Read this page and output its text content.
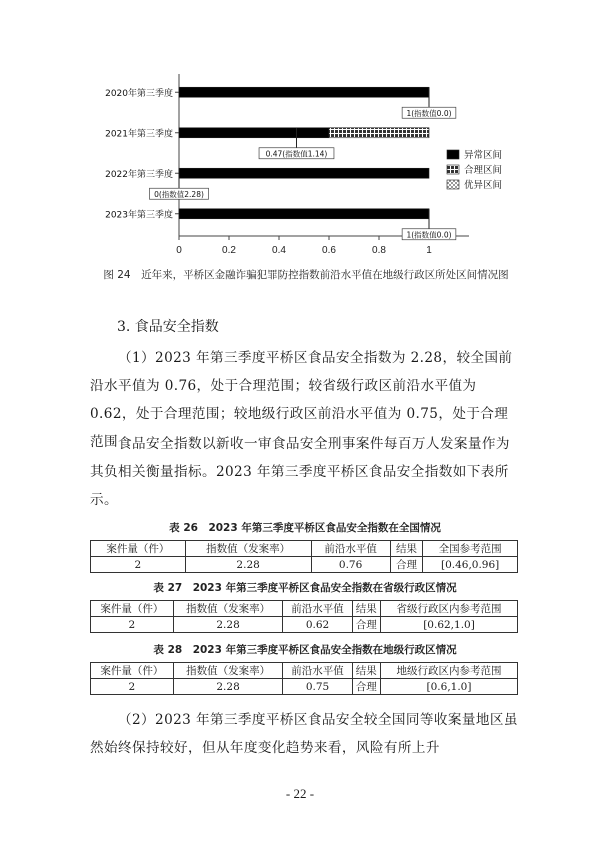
0	0.2	0.4	0.6	0.8	1
2020年第三季度
1(指数值0.0)
2021年第三季度
0.47(指数值1.14)
2022年第三季度
0(指数值2.28)
2023年第三季度
1(指数值0.0)
异常区间
合理区间
优异区间
图 24　近年来，平桥区金融诈骗犯罪防控指数前沿水平值在地级行政区所处区间情况图
3. 食品安全指数
（1）2023 年第三季度平桥区食品安全指数为 2.28，较全国前沿水平值为 0.76，处于合理范围；较省级行政区前沿水平值为 0.62，处于合理范围；较地级行政区前沿水平值为 0.75，处于合理范围 食品安全指数以新收一审食品安全刑事案件每百万人发案量作为其负相关衡量指标。2023 年第三季度平桥区食品安全指数如下表所示。
表 26　2023 年第三季度平桥区食品安全指数在全国情况
案件量（件）	指数值（发案率）	前沿水平值	结果	全国参考范围
2	2.28	0.76	合理	[0.46,0.96]
表 27　2023 年第三季度平桥区食品安全指数在省级行政区情况
案件量（件）	指数值（发案率）	前沿水平值	结果	省级行政区内参考范围
2	2.28	0.62	合理	[0.62,1.0]
表 28　2023 年第三季度平桥区食品安全指数在地级行政区情况
案件量（件）	指数值（发案率）	前沿水平值	结果	地级行政区内参考范围
2	2.28	0.75	合理	[0.6,1.0]
（2）2023 年第三季度平桥区食品安全较全国同等收案量地区虽然始终保持较好，但从年度变化趋势来看，风险有所上升
- 22 -
